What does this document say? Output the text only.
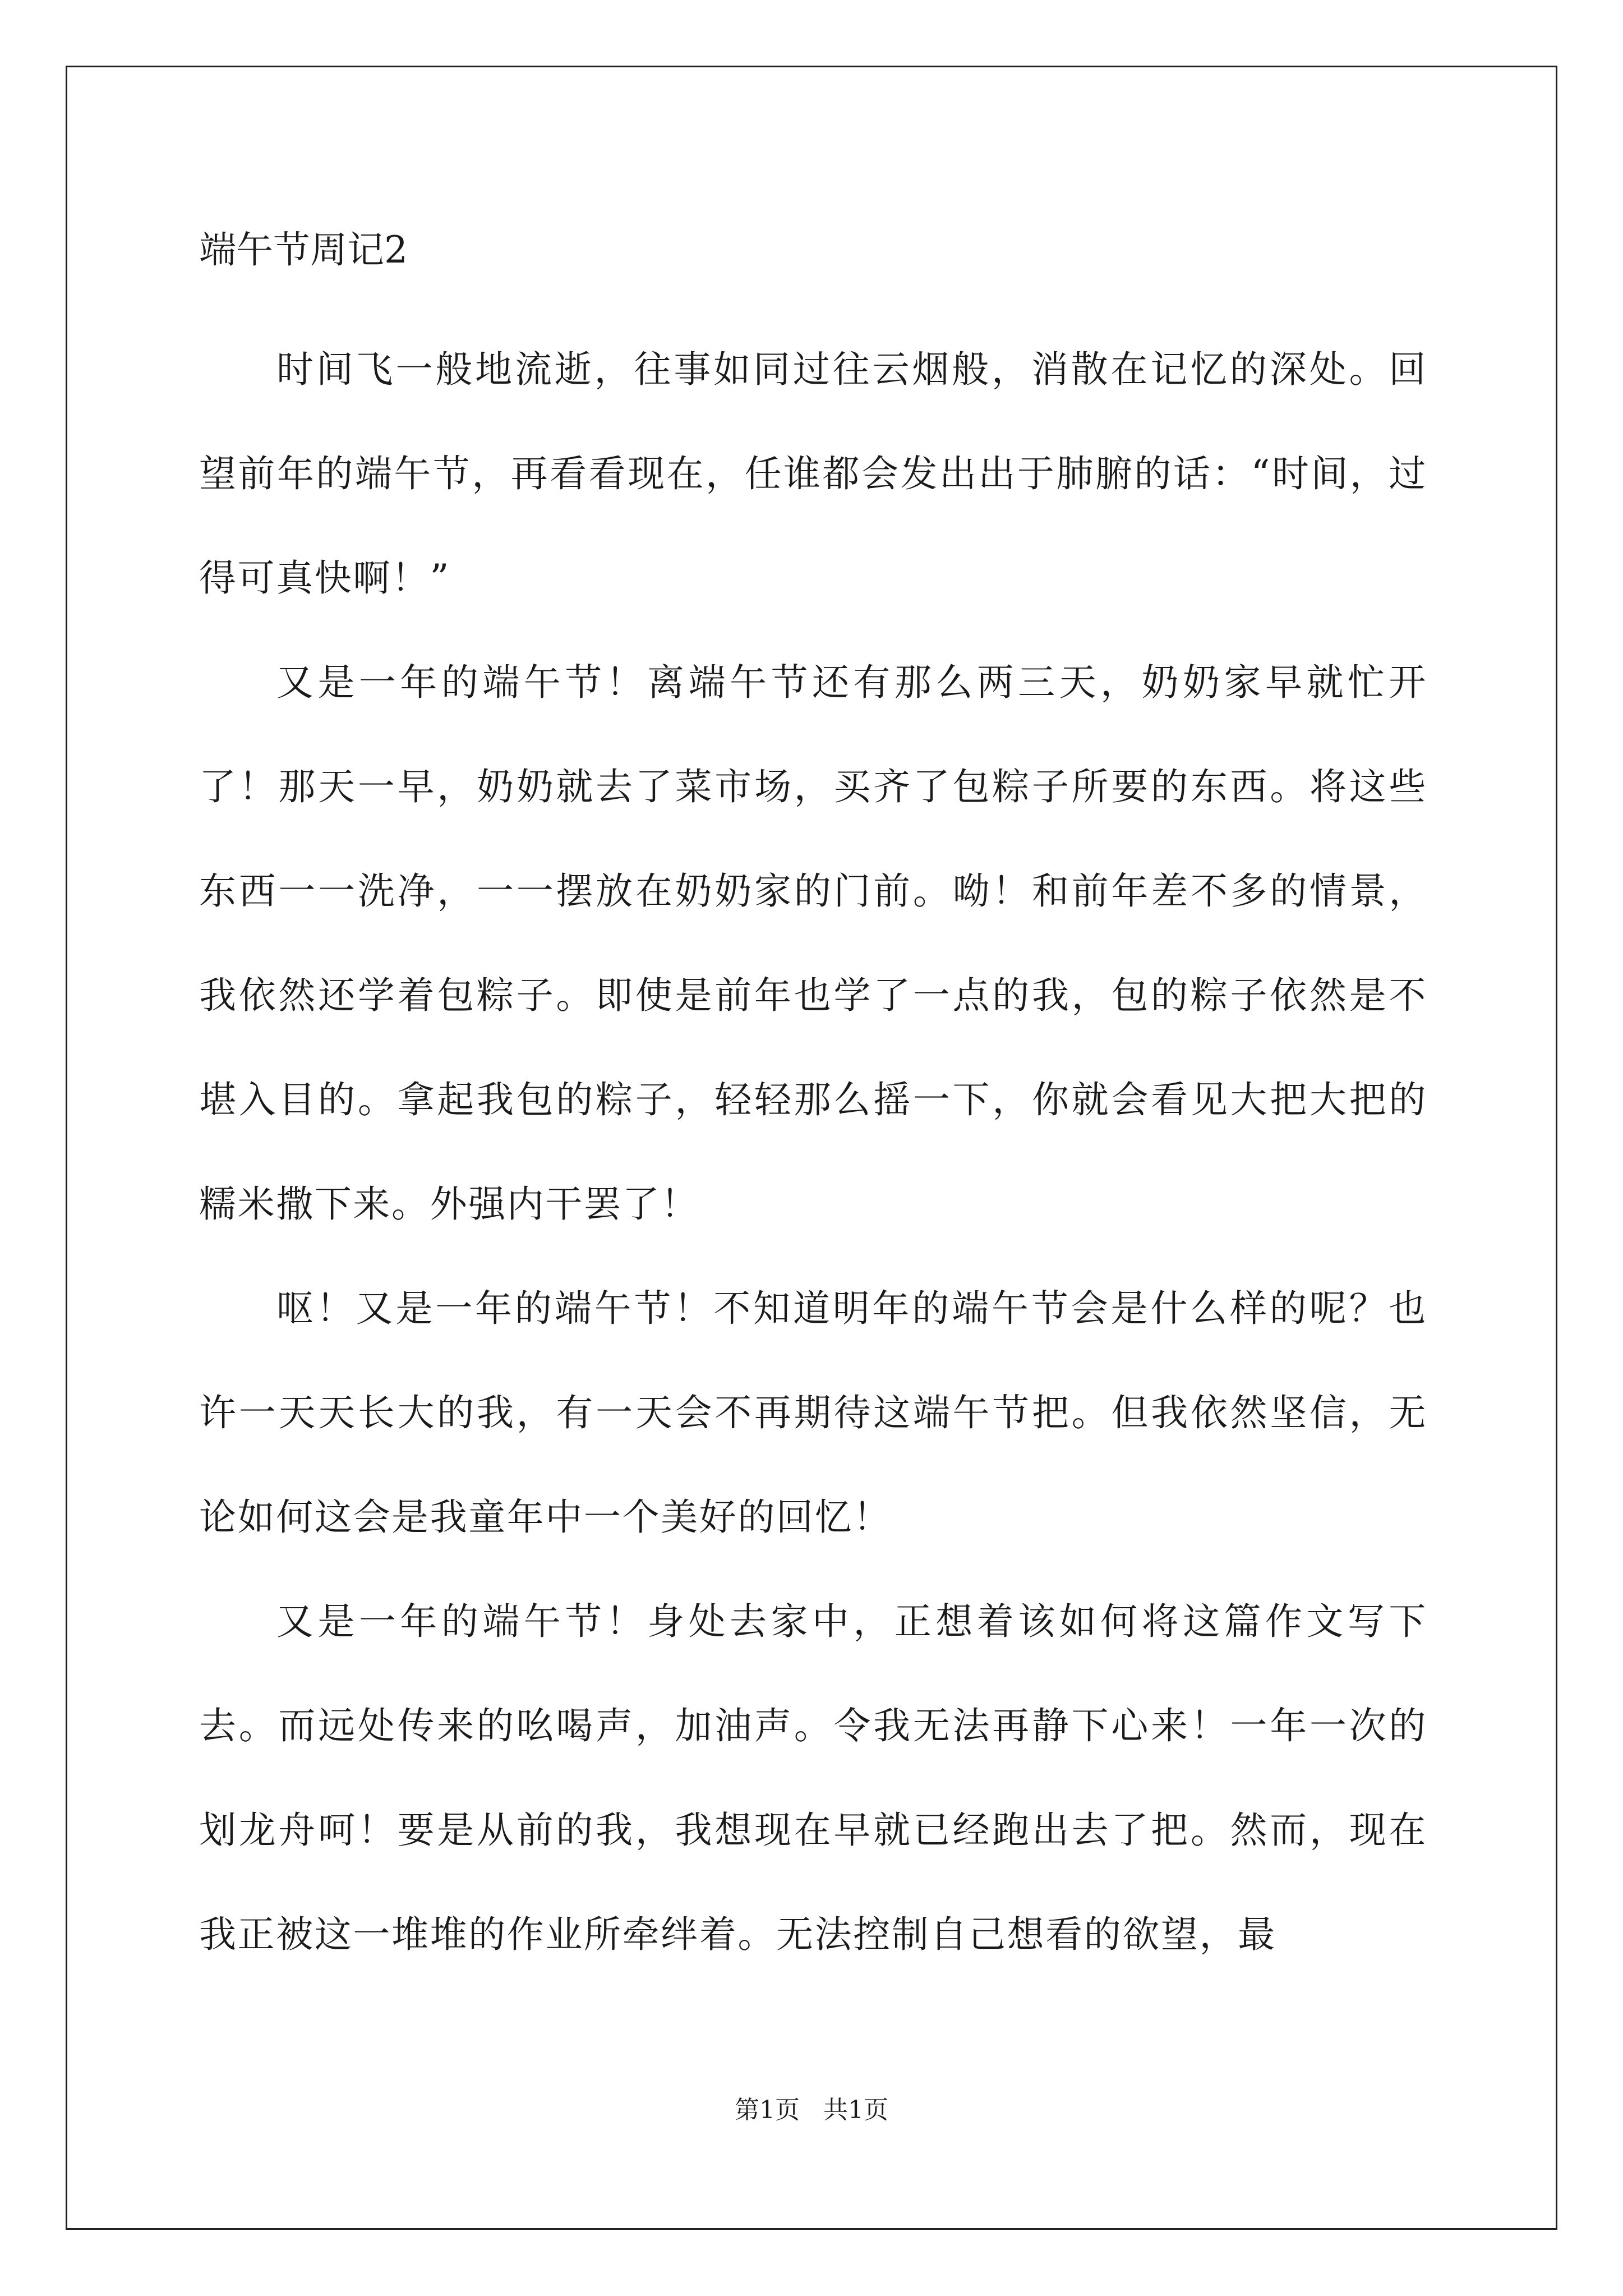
端午节周记2

时间飞一般地流逝，往事如同过往云烟般，消散在记忆的深处。回望前年的端午节，再看看现在，任谁都会发出出于肺腑的话：“时间，过得可真快啊！”

又是一年的端午节！离端午节还有那么两三天，奶奶家早就忙开了！那天一早，奶奶就去了菜市场，买齐了包粽子所要的东西。将这些东西一一洗净，一一摆放在奶奶家的门前。呦！和前年差不多的情景，我依然还学着包粽子。即使是前年也学了一点的我，包的粽子依然是不堪入目的。拿起我包的粽子，轻轻那么摇一下，你就会看见大把大把的糯米撒下来。外强内干罢了！

呕！又是一年的端午节！不知道明年的端午节会是什么样的呢？也许一天天长大的我，有一天会不再期待这端午节把。但我依然坚信，无论如何这会是我童年中一个美好的回忆！

又是一年的端午节！身处去家中，正想着该如何将这篇作文写下去。而远处传来的吆喝声，加油声。令我无法再静下心来！一年一次的划龙舟呵！要是从前的我，我想现在早就已经跑出去了把。然而，现在我正被这一堆堆的作业所牵绊着。无法控制自己想看的欲望，最

第1页   共1页
